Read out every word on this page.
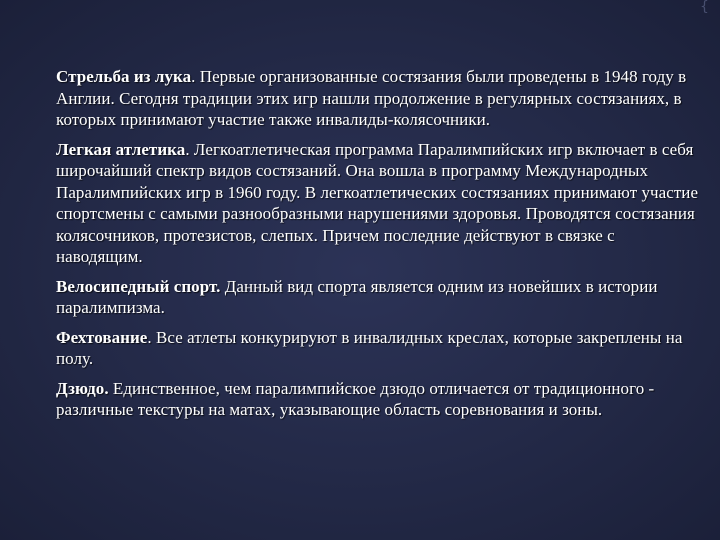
{

Стрельба из лука. Первые организованные состязания были проведены в 1948 году в Англии. Сегодня традиции этих игр нашли продолжение в регулярных состязаниях, в которых принимают участие также инвалиды-колясочники.

Легкая атлетика. Легкоатлетическая программа Паралимпийских игр включает в себя широчайший спектр видов состязаний. Она вошла в программу Международных Паралимпийских игр в 1960 году. В легкоатлетических состязаниях принимают участие спортсмены с самыми разнообразными нарушениями здоровья. Проводятся состязания колясочников, протезистов, слепых. Причем последние действуют в связке с наводящим.

Велосипедный спорт. Данный вид спорта является одним из новейших в истории паралимпизма.

Фехтование. Все атлеты конкурируют в инвалидных креслах, которые закреплены на полу.

Дзюдо. Единственное, чем паралимпийское дзюдо отличается от традиционного - различные текстуры на матах, указывающие область соревнования и зоны.
